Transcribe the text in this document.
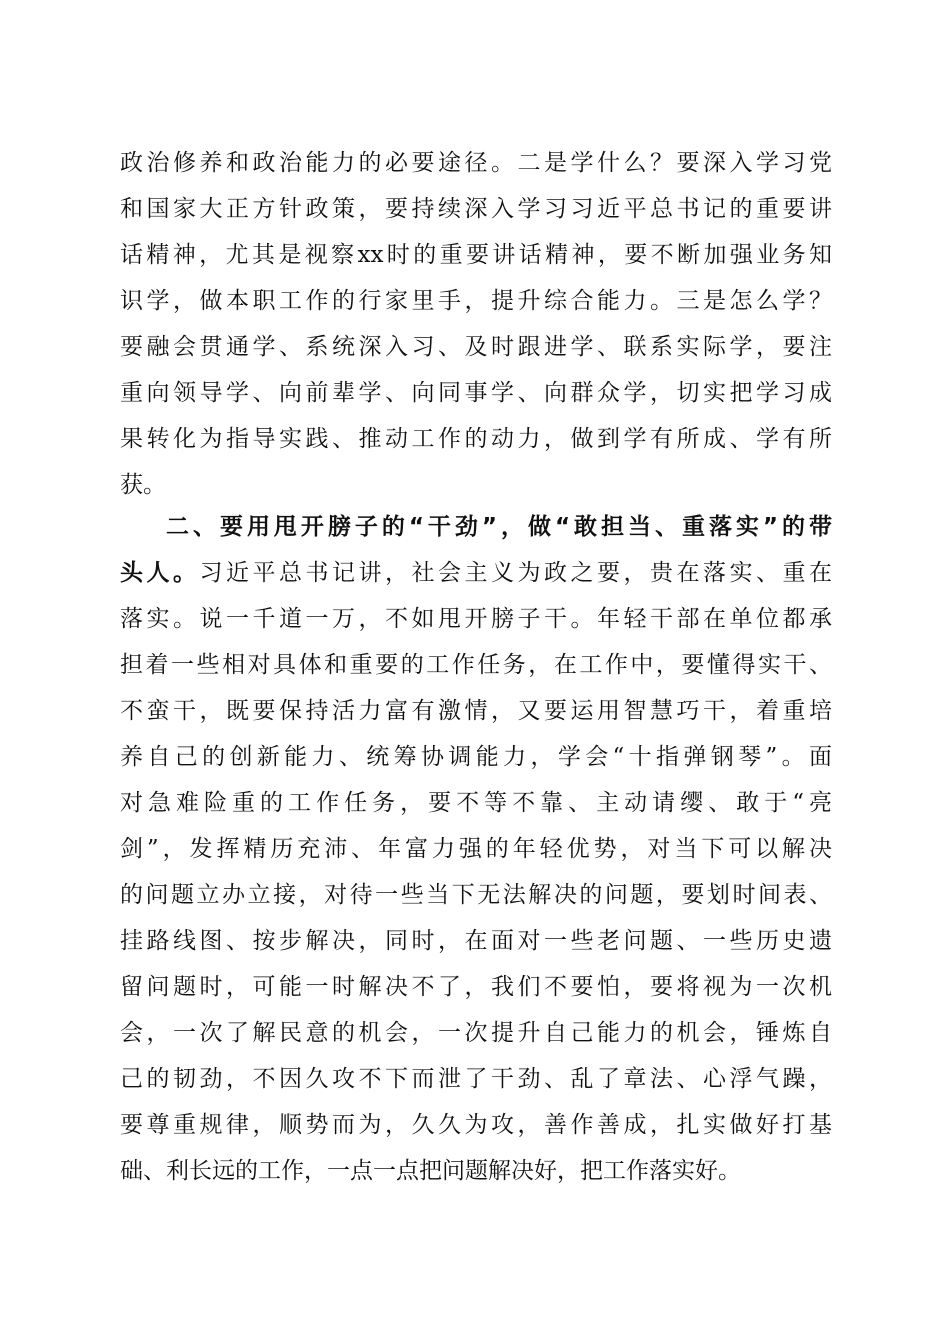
政治修养和政治能力的必要途径。二是学什么？要深入学习党
和国家大正方针政策，要持续深入学习习近平总书记的重要讲
话精神，尤其是视察xx时的重要讲话精神，要不断加强业务知
识学，做本职工作的行家里手，提升综合能力。三是怎么学？
要融会贯通学、系统深入习、及时跟进学、联系实际学，要注
重向领导学、向前辈学、向同事学、向群众学，切实把学习成
果转化为指导实践、推动工作的动力，做到学有所成、学有所
获。
二、要用甩开膀子的“干劲”，做“敢担当、重落实”的带
头人。习近平总书记讲，社会主义为政之要，贵在落实、重在
落实。说一千道一万，不如甩开膀子干。年轻干部在单位都承
担着一些相对具体和重要的工作任务，在工作中，要懂得实干、
不蛮干，既要保持活力富有激情，又要运用智慧巧干，着重培
养自己的创新能力、统筹协调能力，学会“十指弹钢琴”。面
对急难险重的工作任务，要不等不靠、主动请缨、敢于“亮
剑”，发挥精历充沛、年富力强的年轻优势，对当下可以解决
的问题立办立接，对待一些当下无法解决的问题，要划时间表、
挂路线图、按步解决，同时，在面对一些老问题、一些历史遗
留问题时，可能一时解决不了，我们不要怕，要将视为一次机
会，一次了解民意的机会，一次提升自己能力的机会，锤炼自
己的韧劲，不因久攻不下而泄了干劲、乱了章法、心浮气躁，
要尊重规律，顺势而为，久久为攻，善作善成，扎实做好打基
础、利长远的工作，一点一点把问题解决好，把工作落实好。
